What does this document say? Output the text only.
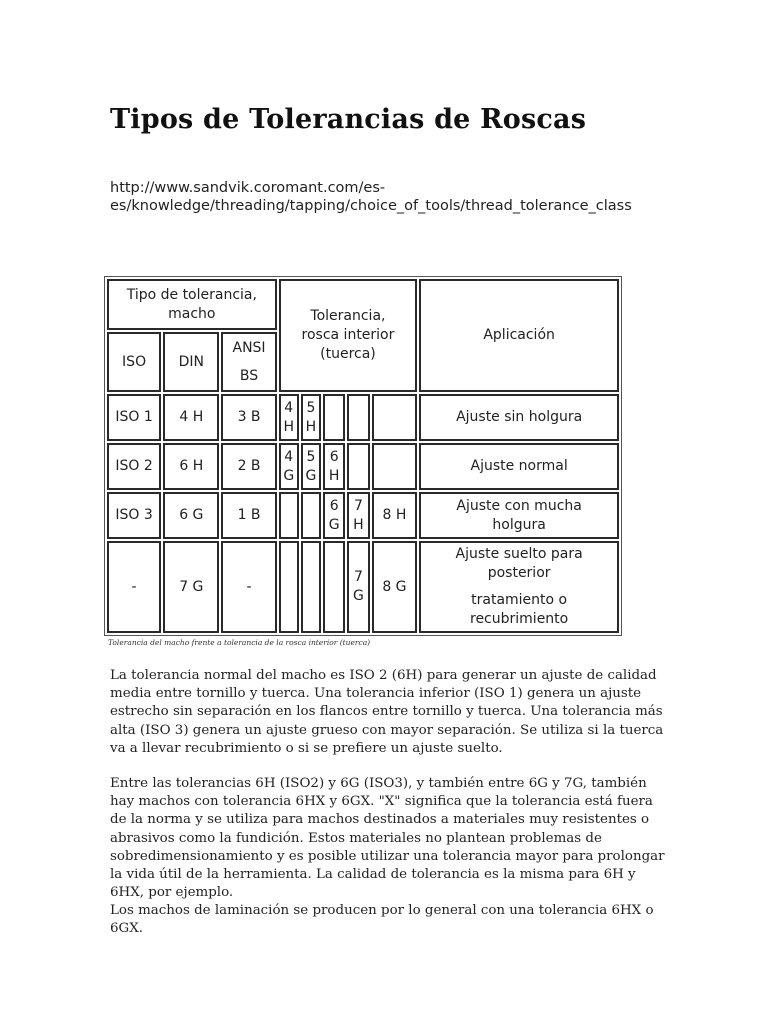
Tipos de Tolerancias de Roscas
http://www.sandvik.coromant.com/es-es/knowledge/threading/tapping/choice_of_tools/thread_tolerance_class
Tipo de tolerancia, macho			Tolerancia, rosca interior (tuerca)					Aplicación
ISO	DIN	ANSI BS						
ISO 1	4 H	3 B	4 H	5 H				Ajuste sin holgura

ISO 2	6 H	2 B	4 G	5 G	6 H			Ajuste normal

ISO 3	6 G	1 B			6 G	7 H	8 H	Ajuste con mucha holgura

-	7 G	-				7 G	8 G	Ajuste suelto para posterior
tratamiento o recubrimiento
Tolerancia del macho frente a tolerancia de la rosca interior (tuerca)

La tolerancia normal del macho es ISO 2 (6H) para generar un ajuste de calidad media entre tornillo y tuerca. Una tolerancia inferior (ISO 1) genera un ajuste estrecho sin separación en los flancos entre tornillo y tuerca. Una tolerancia más alta (ISO 3) genera un ajuste grueso con mayor separación. Se utiliza si la tuerca va a llevar recubrimiento o si se prefiere un ajuste suelto.

Entre las tolerancias 6H (ISO2) y 6G (ISO3), y también entre 6G y 7G, también hay machos con tolerancia 6HX y 6GX. "X" significa que la tolerancia está fuera de la norma y se utiliza para machos destinados a materiales muy resistentes o abrasivos como la fundición. Estos materiales no plantean problemas de sobredimensionamiento y es posible utilizar una tolerancia mayor para prolongar la vida útil de la herramienta. La calidad de tolerancia es la misma para 6H y 6HX, por ejemplo.

Los machos de laminación se producen por lo general con una tolerancia 6HX o 6GX.
